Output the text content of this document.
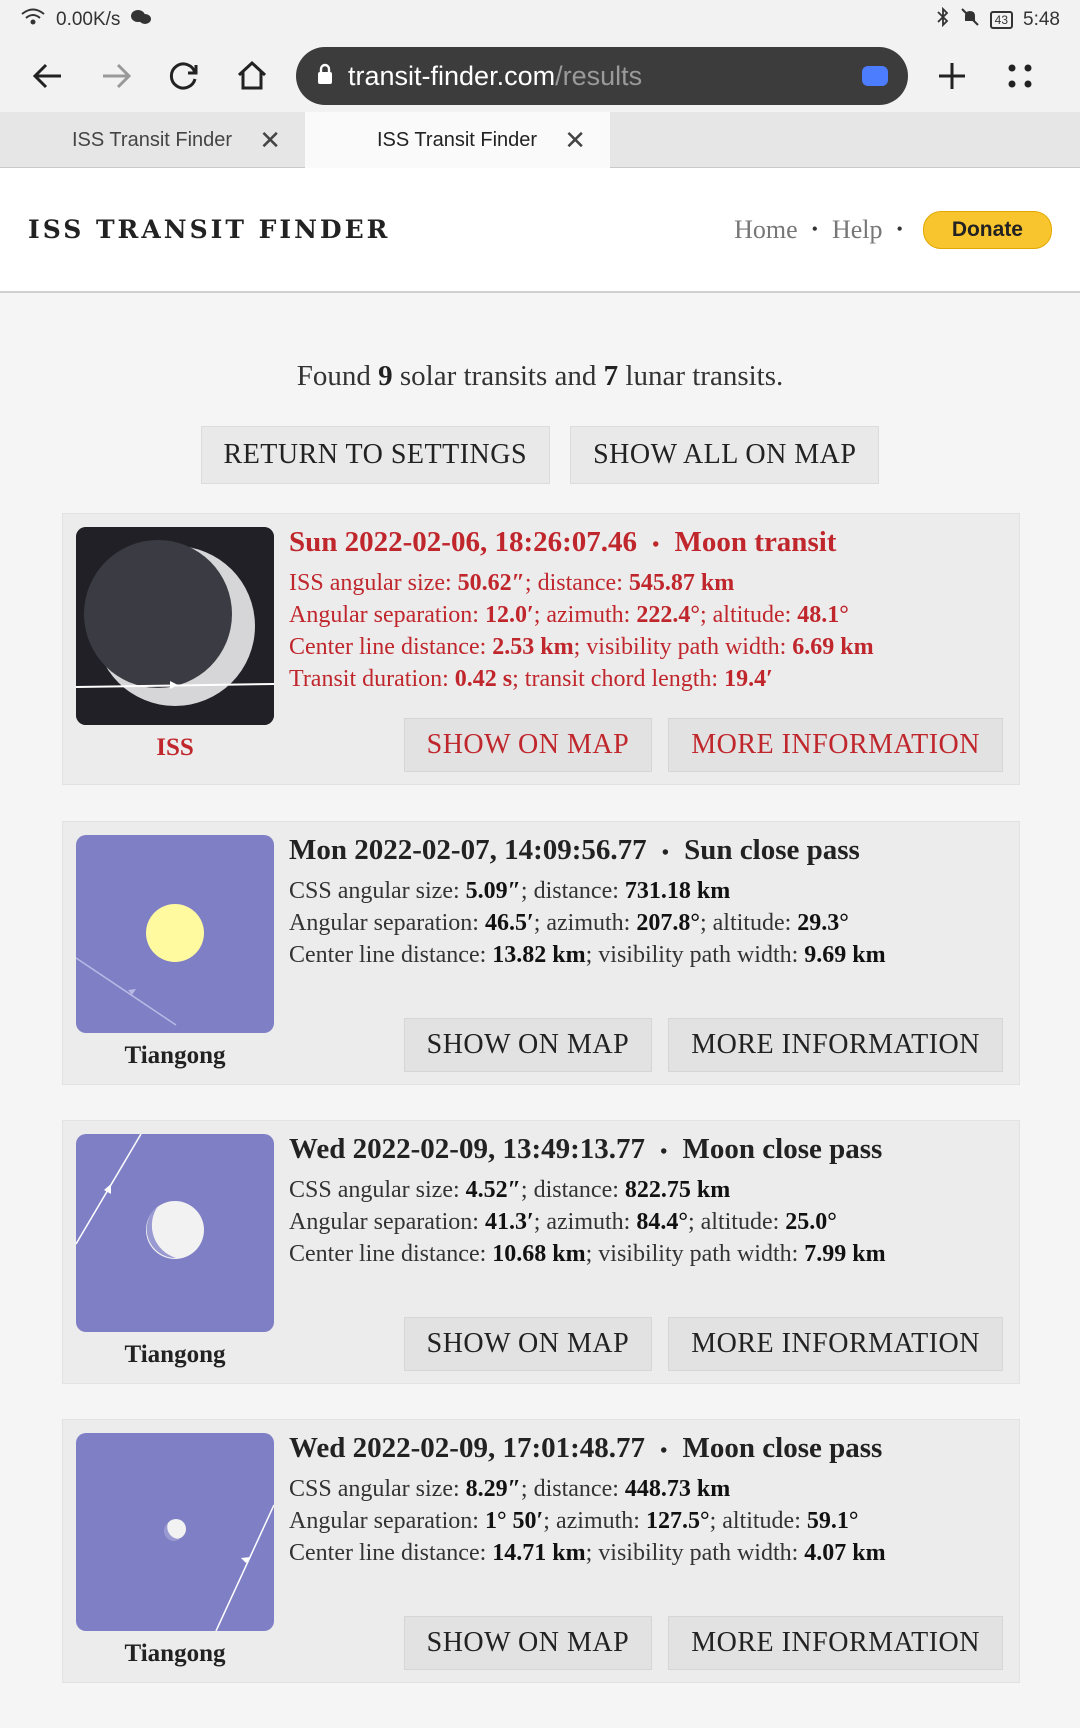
0.00K/s	43 5:48
transit-finder.com /results
ISS Transit Finder ✕	ISS Transit Finder ✕
ISS TRANSIT FINDER	Home • Help •	Donate
Found 9 solar transits and 7 lunar transits.
RETURN TO SETTINGS	SHOW ALL ON MAP
ISS
Sun 2022-02-06, 18:26:07.46 • Moon transit
ISS angular size: 50.62″; distance: 545.87 km
Angular separation: 12.0′; azimuth: 222.4°; altitude: 48.1°
Center line distance: 2.53 km; visibility path width: 6.69 km
Transit duration: 0.42 s; transit chord length: 19.4′
SHOW ON MAP	MORE INFORMATION
Tiangong
Mon 2022-02-07, 14:09:56.77 • Sun close pass
CSS angular size: 5.09″; distance: 731.18 km
Angular separation: 46.5′; azimuth: 207.8°; altitude: 29.3°
Center line distance: 13.82 km; visibility path width: 9.69 km
SHOW ON MAP	MORE INFORMATION
Tiangong
Wed 2022-02-09, 13:49:13.77 • Moon close pass
CSS angular size: 4.52″; distance: 822.75 km
Angular separation: 41.3′; azimuth: 84.4°; altitude: 25.0°
Center line distance: 10.68 km; visibility path width: 7.99 km
SHOW ON MAP	MORE INFORMATION
Tiangong
Wed 2022-02-09, 17:01:48.77 • Moon close pass
CSS angular size: 8.29″; distance: 448.73 km
Angular separation: 1° 50′; azimuth: 127.5°; altitude: 59.1°
Center line distance: 14.71 km; visibility path width: 4.07 km
SHOW ON MAP	MORE INFORMATION
